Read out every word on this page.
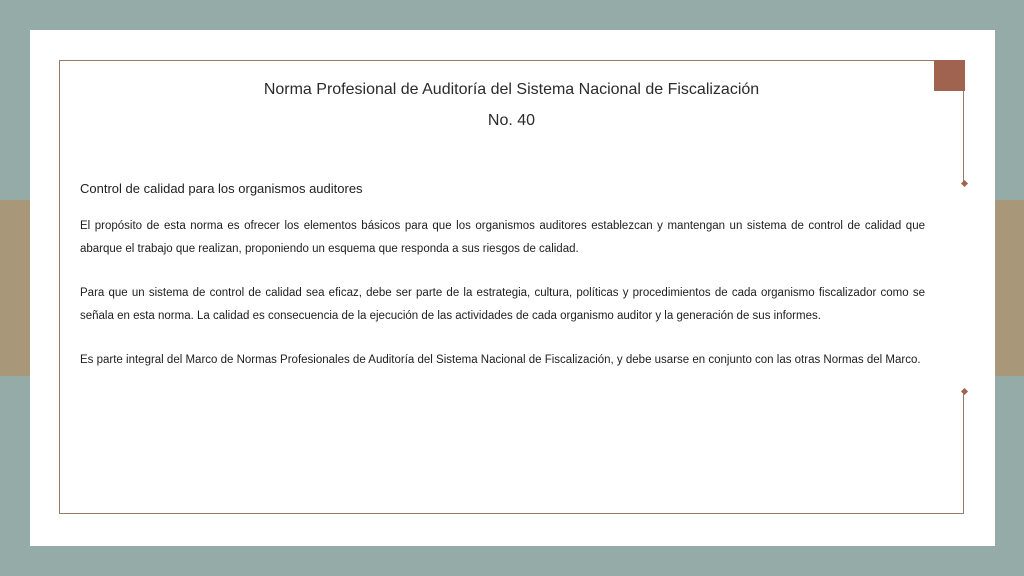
Norma Profesional de Auditoría del Sistema Nacional de Fiscalización
No. 40

Control de calidad para los organismos auditores

El propósito de esta norma es ofrecer los elementos básicos para que los organismos auditores establezcan y mantengan un sistema de control de calidad que abarque el trabajo que realizan, proponiendo un esquema que responda a sus riesgos de calidad.

Para que un sistema de control de calidad sea eficaz, debe ser parte de la estrategia, cultura, políticas y procedimientos de cada organismo fiscalizador como se señala en esta norma. La calidad es consecuencia de la ejecución de las actividades de cada organismo auditor y la generación de sus informes.

Es parte integral del Marco de Normas Profesionales de Auditoría del Sistema Nacional de Fiscalización, y debe usarse en conjunto con las otras Normas del Marco.
